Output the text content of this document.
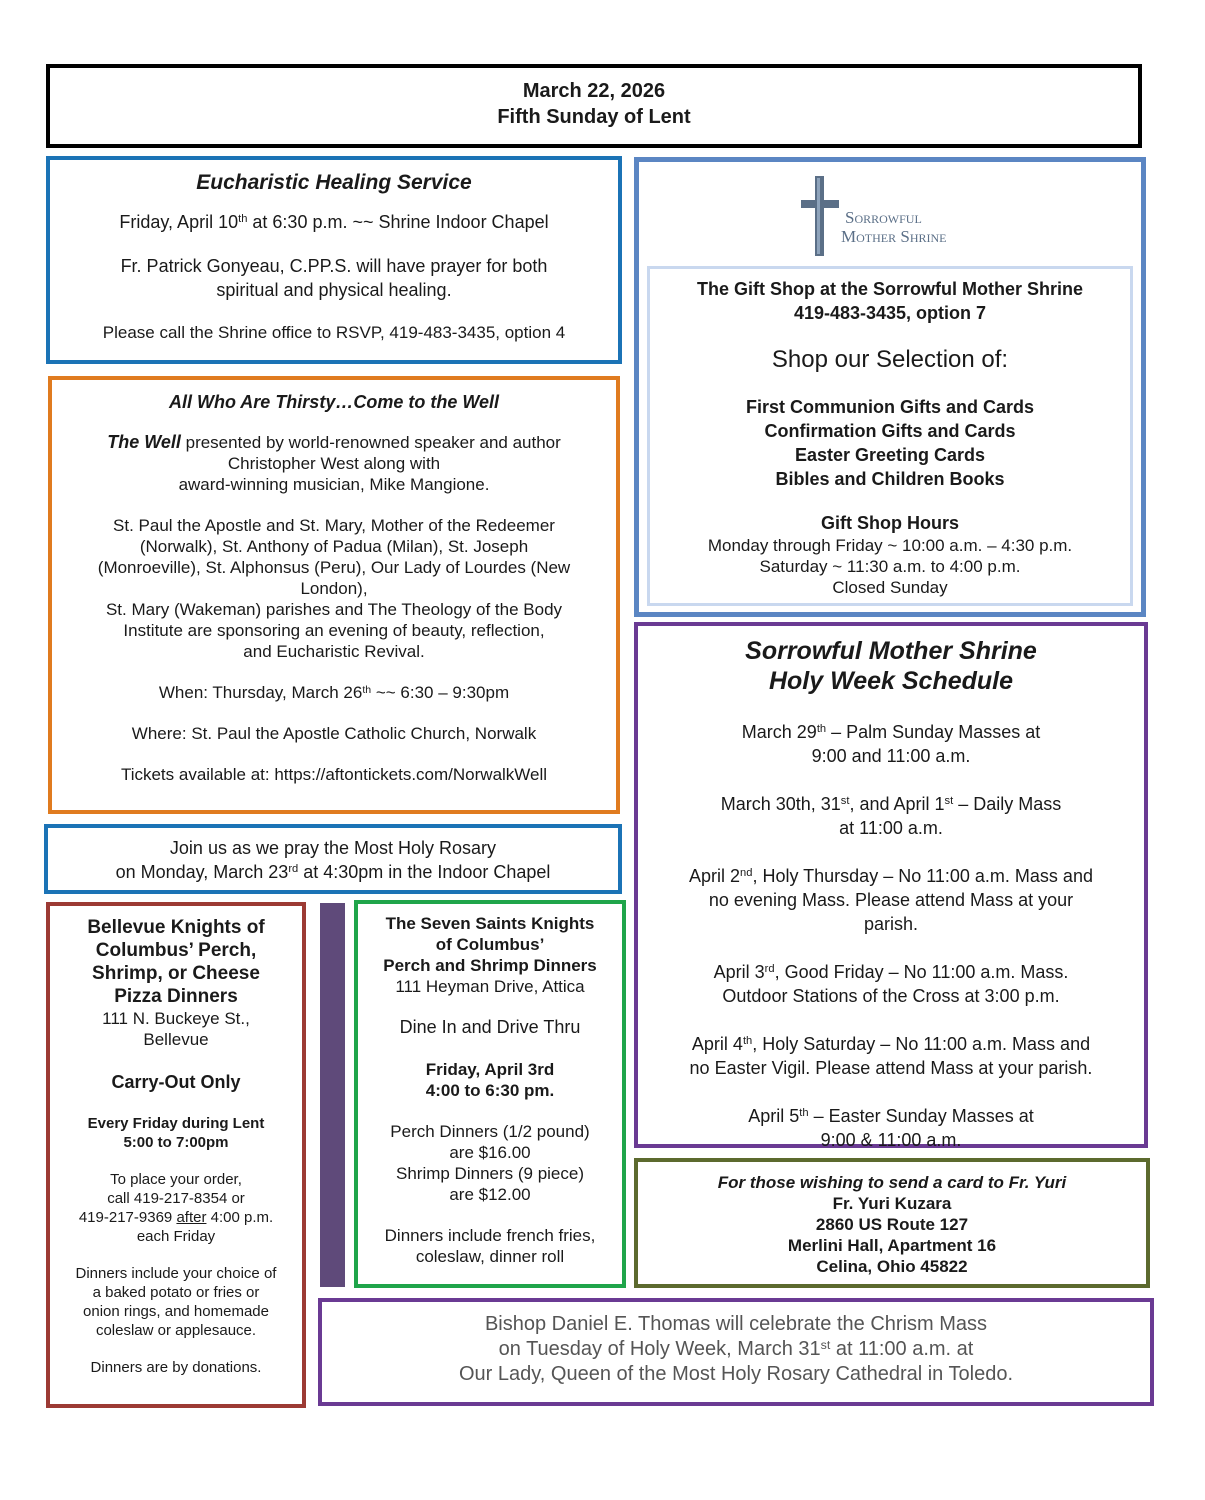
March 22, 2026

Fifth Sunday of Lent

Eucharistic Healing Service

Friday, April 10th at 6:30 p.m. ~~ Shrine Indoor Chapel

Fr. Patrick Gonyeau, C.PP.S. will have prayer for both

spiritual and physical healing.

Please call the Shrine office to RSVP, 419-483-3435, option 4

All Who Are Thirsty…Come to the Well

The Well presented by world-renowned speaker and author

Christopher West along with

award-winning musician, Mike Mangione.

St. Paul the Apostle and St. Mary, Mother of the Redeemer

(Norwalk), St. Anthony of Padua (Milan), St. Joseph

(Monroeville), St. Alphonsus (Peru), Our Lady of Lourdes (New

London),

St. Mary (Wakeman) parishes and The Theology of the Body

Institute are sponsoring an evening of beauty, reflection,

and Eucharistic Revival.

When: Thursday, March 26th ~~ 6:30 – 9:30pm

Where: St. Paul the Apostle Catholic Church, Norwalk

Tickets available at: https://aftontickets.com/NorwalkWell

Join us as we pray the Most Holy Rosary

on Monday, March 23rd at 4:30pm in the Indoor Chapel

Bellevue Knights of

Columbus’ Perch,

Shrimp, or Cheese

Pizza Dinners

111 N. Buckeye St.,

Bellevue

Carry-Out Only

Every Friday during Lent

5:00 to 7:00pm

To place your order,

call 419-217-8354 or

419-217-9369 after 4:00 p.m.

each Friday

Dinners include your choice of

a baked potato or fries or

onion rings, and homemade

coleslaw or applesauce.

Dinners are by donations.

The Seven Saints Knights

of Columbus’

Perch and Shrimp Dinners

111 Heyman Drive, Attica

Dine In and Drive Thru

Friday, April 3rd

4:00 to 6:30 pm.

Perch Dinners (1/2 pound)

are $16.00

Shrimp Dinners (9 piece)

are $12.00

Dinners include french fries,

coleslaw, dinner roll

Sorrowful
Mother Shrine

The Gift Shop at the Sorrowful Mother Shrine

419-483-3435, option 7

Shop our Selection of:

First Communion Gifts and Cards

Confirmation Gifts and Cards

Easter Greeting Cards

Bibles and Children Books

Gift Shop Hours

Monday through Friday ~ 10:00 a.m. – 4:30 p.m.

Saturday ~ 11:30 a.m. to 4:00 p.m.

Closed Sunday

Sorrowful Mother Shrine

Holy Week Schedule

March 29th – Palm Sunday Masses at

9:00 and 11:00 a.m.

March 30th, 31st, and April 1st – Daily Mass

at 11:00 a.m.

April 2nd, Holy Thursday – No 11:00 a.m. Mass and

no evening Mass. Please attend Mass at your

parish.

April 3rd, Good Friday – No 11:00 a.m. Mass.

Outdoor Stations of the Cross at 3:00 p.m.

April 4th, Holy Saturday – No 11:00 a.m. Mass and

no Easter Vigil. Please attend Mass at your parish.

April 5th – Easter Sunday Masses at

9:00 & 11:00 a.m.

For those wishing to send a card to Fr. Yuri

Fr. Yuri Kuzara

2860 US Route 127

Merlini Hall, Apartment 16

Celina, Ohio 45822

Bishop Daniel E. Thomas will celebrate the Chrism Mass

on Tuesday of Holy Week, March 31st at 11:00 a.m. at

Our Lady, Queen of the Most Holy Rosary Cathedral in Toledo.
